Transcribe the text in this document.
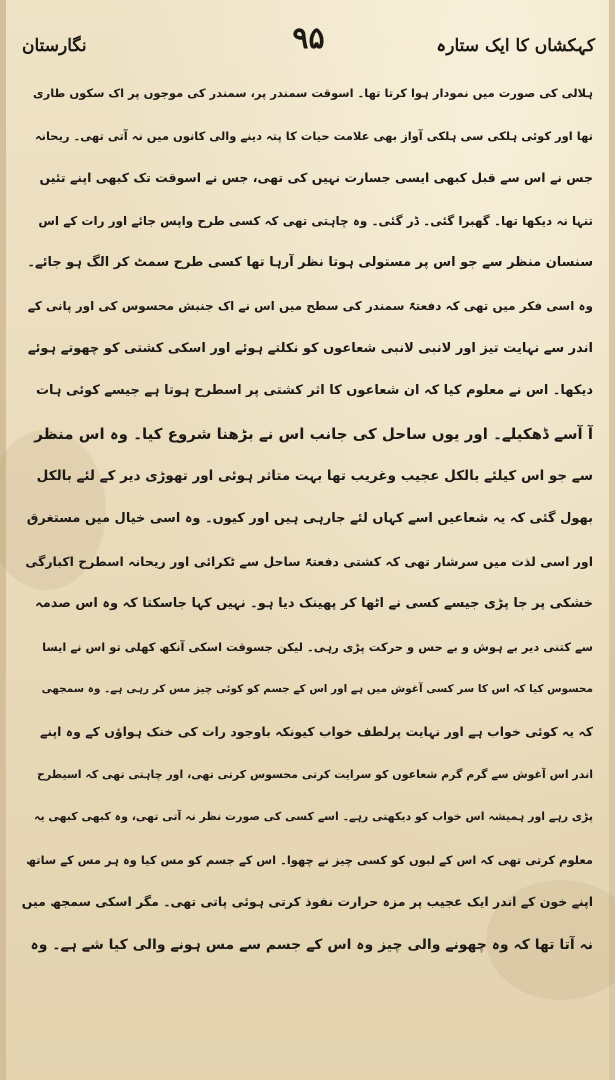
کہکشاں کا ایک ستارہ
۹۵
نگارستان
ہلالی کی صورت میں نمودار ہوا کرتا تھا۔ اسوقت سمندر پر، سمندر کی موجوں پر اک سکوں طاری
تھا اور کوئی ہلکی سی ہلکی آواز بھی علامت حیات کا پتہ دینے والی کانوں میں نہ آتی تھی۔ ریحانہ
جس نے اس سے قبل کبھی ایسی جسارت نہیں کی تھی، جس نے اسوقت تک کبھی اپنے تئیں
تنہا نہ دیکھا تھا۔ گھبرا گئی۔ ڈر گئی۔ وہ چاہتی تھی کہ کسی طرح واپس جائے اور رات کے اس
سنسان منظر سے جو اس پر مستولی ہوتا نظر آرہا تھا کسی طرح سمٹ کر الگ ہو جائے۔
وہ اسی فکر میں تھی کہ دفعتہً سمندر کی سطح میں اس نے اک جنبش محسوس کی اور پانی کے
اندر سے نہایت تیز اور لانبی لانبی شعاعوں کو نکلتے ہوئے اور اسکی کشتی کو چھوتے ہوئے
دیکھا۔ اس نے معلوم کیا کہ ان شعاعوں کا اثر کشتی پر اسطرح ہوتا ہے جیسے کوئی ہات
آ آسے ڈھکیلے۔ اور یوں ساحل کی جانب اس نے بڑھنا شروع کیا۔ وہ اس منظر
سے جو اس کیلئے بالکل عجیب وغریب تھا بہت متاثر ہوئی اور تھوڑی دیر کے لئے بالکل
بھول گئی کہ یہ شعاعیں اسے کہاں لئے جارہی ہیں اور کیوں۔ وہ اسی خیال میں مستغرق
اور اسی لذت میں سرشار تھی کہ کشتی دفعتہً ساحل سے ٹکرائی اور ریحانہ اسطرح اکبارگی
خشکی پر جا پڑی جیسے کسی نے اٹھا کر پھینک دیا ہو۔ نہیں کہا جاسکتا کہ وہ اس صدمہ
سے کتنی دیر بے ہوش و بے حس و حرکت پڑی رہی۔ لیکن جسوقت اسکی آنکھ کھلی تو اس نے ایسا
محسوس کیا کہ اس کا سر کسی آغوش میں ہے اور اس کے جسم کو کوئی چیز مس کر رہی ہے۔ وہ سمجھی
کہ یہ کوئی خواب ہے اور نہایت پرلطف خواب کیونکہ باوجود رات کی خنک ہواؤں کے وہ اپنے
اندر اس آغوش سے گرم گرم شعاعوں کو سرایت کرتی محسوس کرتی تھی، اور چاہتی تھی کہ اسیطرح
پڑی رہے اور ہمیشہ اس خواب کو دیکھتی رہے۔ اسے کسی کی صورت نظر نہ آتی تھی، وہ کبھی کبھی یہ
معلوم کرتی تھی کہ اس کے لبوں کو کسی چیز نے چھوا۔ اس کے جسم کو مس کیا وہ ہر مس کے ساتھ
اپنے خون کے اندر ایک عجیب پر مزہ حرارت نفوذ کرتی ہوئی پاتی تھی۔ مگر اسکی سمجھ میں
نہ آتا تھا کہ وہ چھونے والی چیز وہ اس کے جسم سے مس ہونے والی کیا شے ہے۔ وہ
